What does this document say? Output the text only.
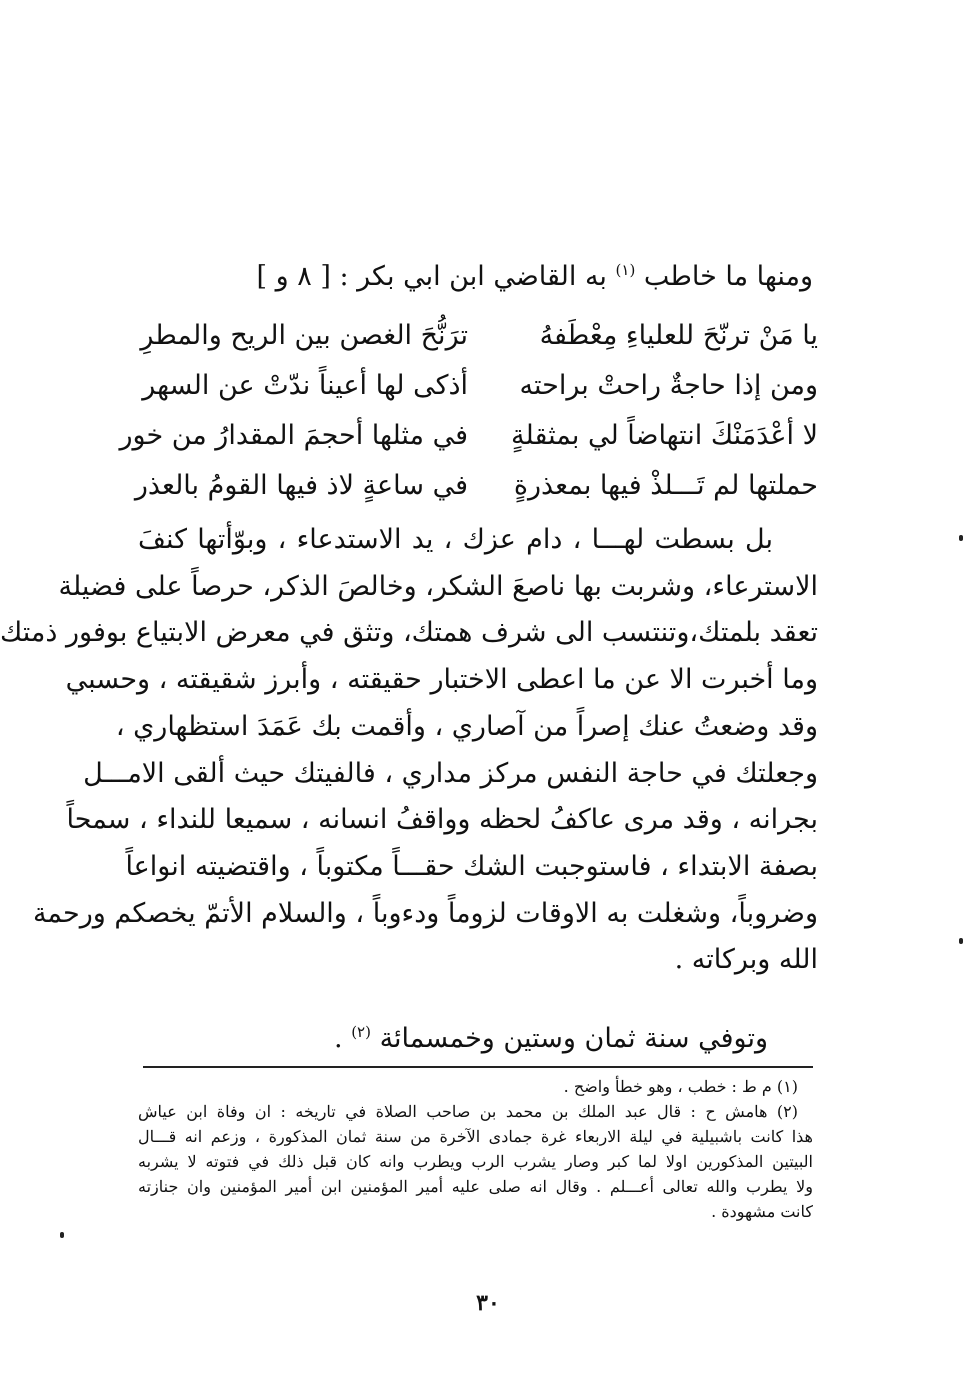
ومنها ما خاطب $^{(١)}$ به القاضي ابن ابي بكر : [ ٨ و ]
يا مَنْ ترنّحَ للعلياءِ مِعْطَفهُ
ترَنُّحَ الغصن بين الريح والمطرِ
ومن إذا حاجةٌ راحتْ براحته
أذكى لها أعيناً ندّتْ عن السهر
لا أعْدَمَنْكَ انتهاضاً لي بمثقلةٍ
في مثلها أحجمَ المقدارُ من خور
حملتها لم تَـــلذْ فيها بمعذرةٍ
في ساعةٍ لاذ فيها القومُ بالعذر
بل بسطت لهـــا ، دام عزك ، يد الاستدعاء ، وبوّأتها كنفَ
الاسترعاء، وشربت بها ناصعَ الشكر، وخالصَ الذكر، حرصاً على فضيلة
تعقد بلمتك،وتنتسب الى شرف همتك، وتثق في معرض الابتياع بوفور ذمتك
وما أخبرت الا عن ما اعطى الاختبار حقيقته ، وأبرز شقيقته ، وحسبي
وقد وضعتُ عنك إصراً من آصاري ، وأقمت بك عَمَدَ استظهاري ،
وجعلتك في حاجة النفس مركز مداري ، فالفيتك حيث ألقى الامـــل
بجرانه ، وقد مرى عاكفُ لحظه وواقفُ انسانه ، سميعا للنداء ، سمحاً
بصفة الابتداء ، فاستوجبت الشك حقـــاً مكتوباً ، واقتضيته انواعاً
وضروباً، وشغلت به الاوقات لزوماً ودءوباً ، والسلام الأتمّ يخصكم ورحمة
الله وبركاته .
وتوفي سنة ثمان وستين وخمسمائة $^{(٢)}$ .
(١) م ط : خطب ، وهو خطأ واضح .
(٢) هامش ح : قال عبد الملك بن محمد بن صاحب الصلاة في تاريخه : ان وفاة ابن عياش
هذا كانت باشبيلية في ليلة الاربعاء غرة جمادى الآخرة من سنة ثمان المذكورة ، وزعم انه قـــال
البيتين المذكورين اولا لما كبر وصار يشرب الرب ويطرب وانه كان قبل ذلك في فتوته لا يشربه
ولا يطرب والله تعالى أعـــلم . وقال انه صلى عليه أمير المؤمنين ابن أمير المؤمنين وان جنازته
كانت مشهودة .
٣٠
